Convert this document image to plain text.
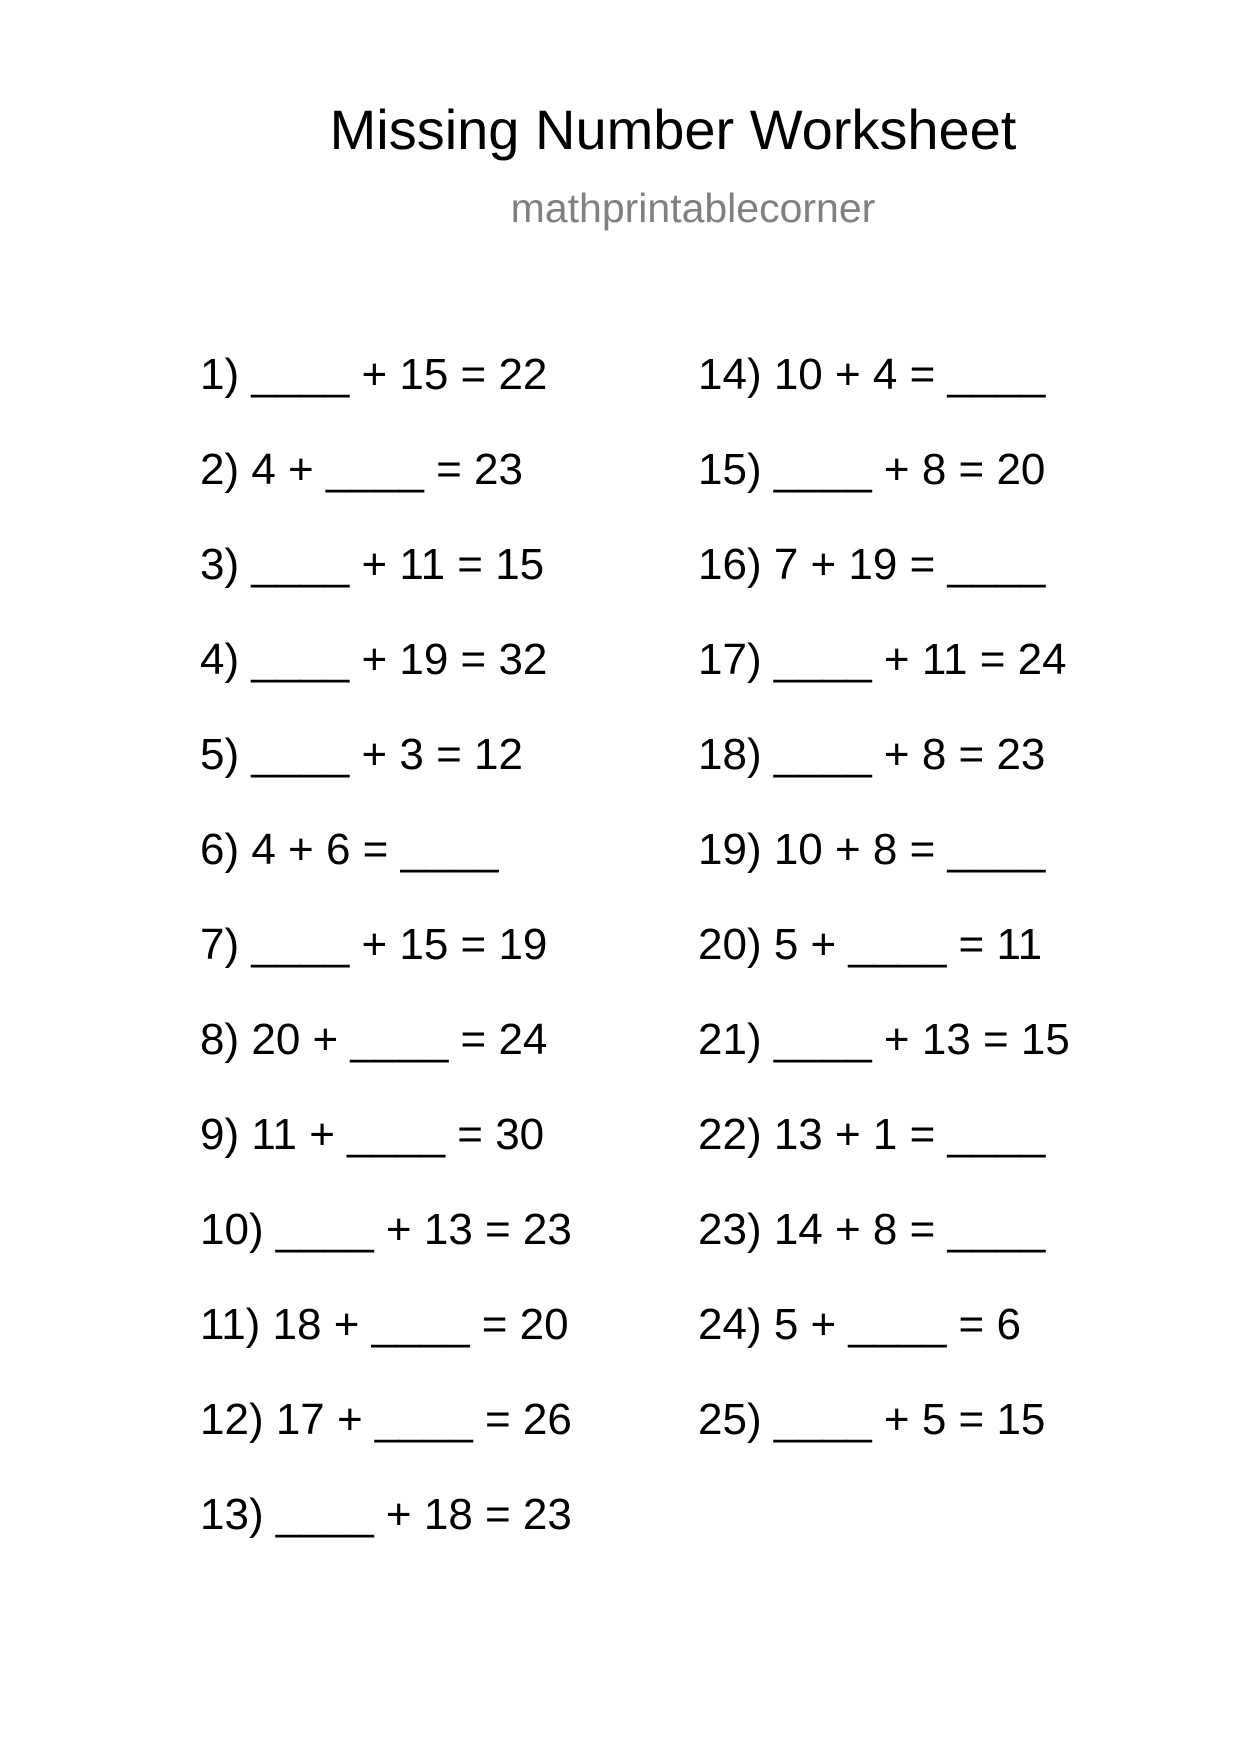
Missing Number Worksheet
mathprintablecorner
1) ____ + 15 = 22
2) 4 + ____ = 23
3) ____ + 11 = 15
4) ____ + 19 = 32
5) ____ + 3 = 12
6) 4 + 6 = ____
7) ____ + 15 = 19
8) 20 + ____ = 24
9) 11 + ____ = 30
10) ____ + 13 = 23
11) 18 + ____ = 20
12) 17 + ____ = 26
13) ____ + 18 = 23
14) 10 + 4 = ____
15) ____ + 8 = 20
16) 7 + 19 = ____
17) ____ + 11 = 24
18) ____ + 8 = 23
19) 10 + 8 = ____
20) 5 + ____ = 11
21) ____ + 13 = 15
22) 13 + 1 = ____
23) 14 + 8 = ____
24) 5 + ____ = 6
25) ____ + 5 = 15
